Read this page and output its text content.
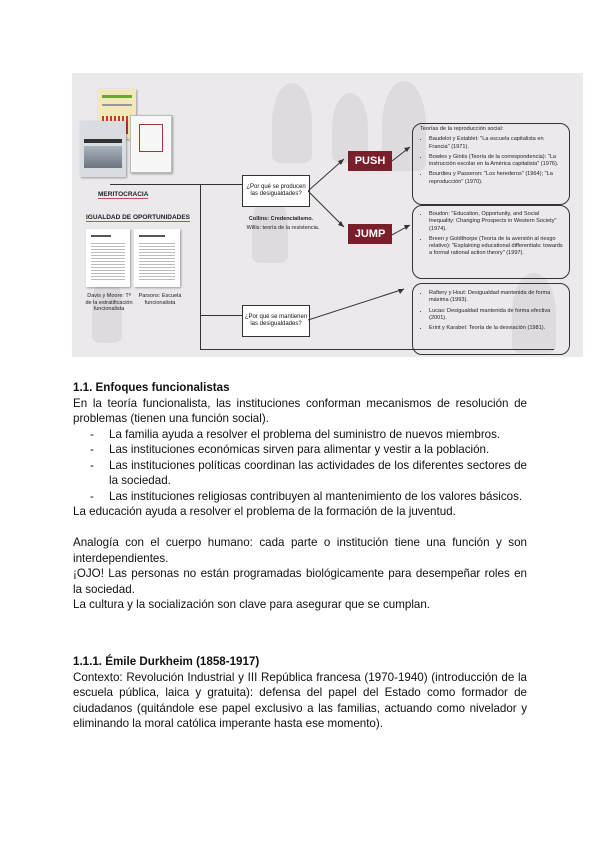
MERITOCRACIA
IGUALDAD DE OPORTUNIDADES
Davis y Moore: Tª de la estratificación funcionalista
Parsons: Escuela funcionalista
¿Por qué se producen las desigualdades?
¿Por qué se mantienen las desigualdades?
Collins: Credencialismo.
Willis: teoría de la resistencia.
PUSH
JUMP
Teorías de la reproducción social:
• Baudelot y Establet: "La escuela capitalista en Francia" (1971).
• Bowles y Gintis (Teoría de la correspondencia): "La instrucción escolar en la América capitalista" (1976).
• Bourdieu y Passeron: "Los herederos" (1964); "La reproducción" (1970).
• Boudon: "Education, Opportunity, and Social Inequality: Changing Prospects in Western Society" (1974).
• Breen y Goldthorpe (Teoría de la aversión al riesgo relativo): "Explaining educational differentials: towards a formal rational action theory" (1997).
• Raftery y Hout: Desigualdad mantenida de forma máxima (1993).
• Lucas: Desigualdad mantenida de forma efectiva (2001).
• Erint y Karabel: Teoría de la desviación (1981).

1.1. Enfoques funcionalistas

En la teoría funcionalista, las instituciones conforman mecanismos de resolución de problemas (tienen una función social).

- La familia ayuda a resolver el problema del suministro de nuevos miembros.
- Las instituciones económicas sirven para alimentar y vestir a la población.
- Las instituciones políticas coordinan las actividades de los diferentes sectores de la sociedad.
- Las instituciones religiosas contribuyen al mantenimiento de los valores básicos.

La educación ayuda a resolver el problema de la formación de la juventud.

Analogía con el cuerpo humano: cada parte o institución tiene una función y son interdependientes.

¡OJO! Las personas no están programadas biológicamente para desempeñar roles en la sociedad.

La cultura y la socialización son clave para asegurar que se cumplan.

1.1.1. Émile Durkheim (1858-1917)

Contexto: Revolución Industrial y III República francesa (1970-1940) (introducción de la escuela pública, laica y gratuita): defensa del papel del Estado como formador de ciudadanos (quitándole ese papel exclusivo a las familias, actuando como nivelador y eliminando la moral católica imperante hasta ese momento).
